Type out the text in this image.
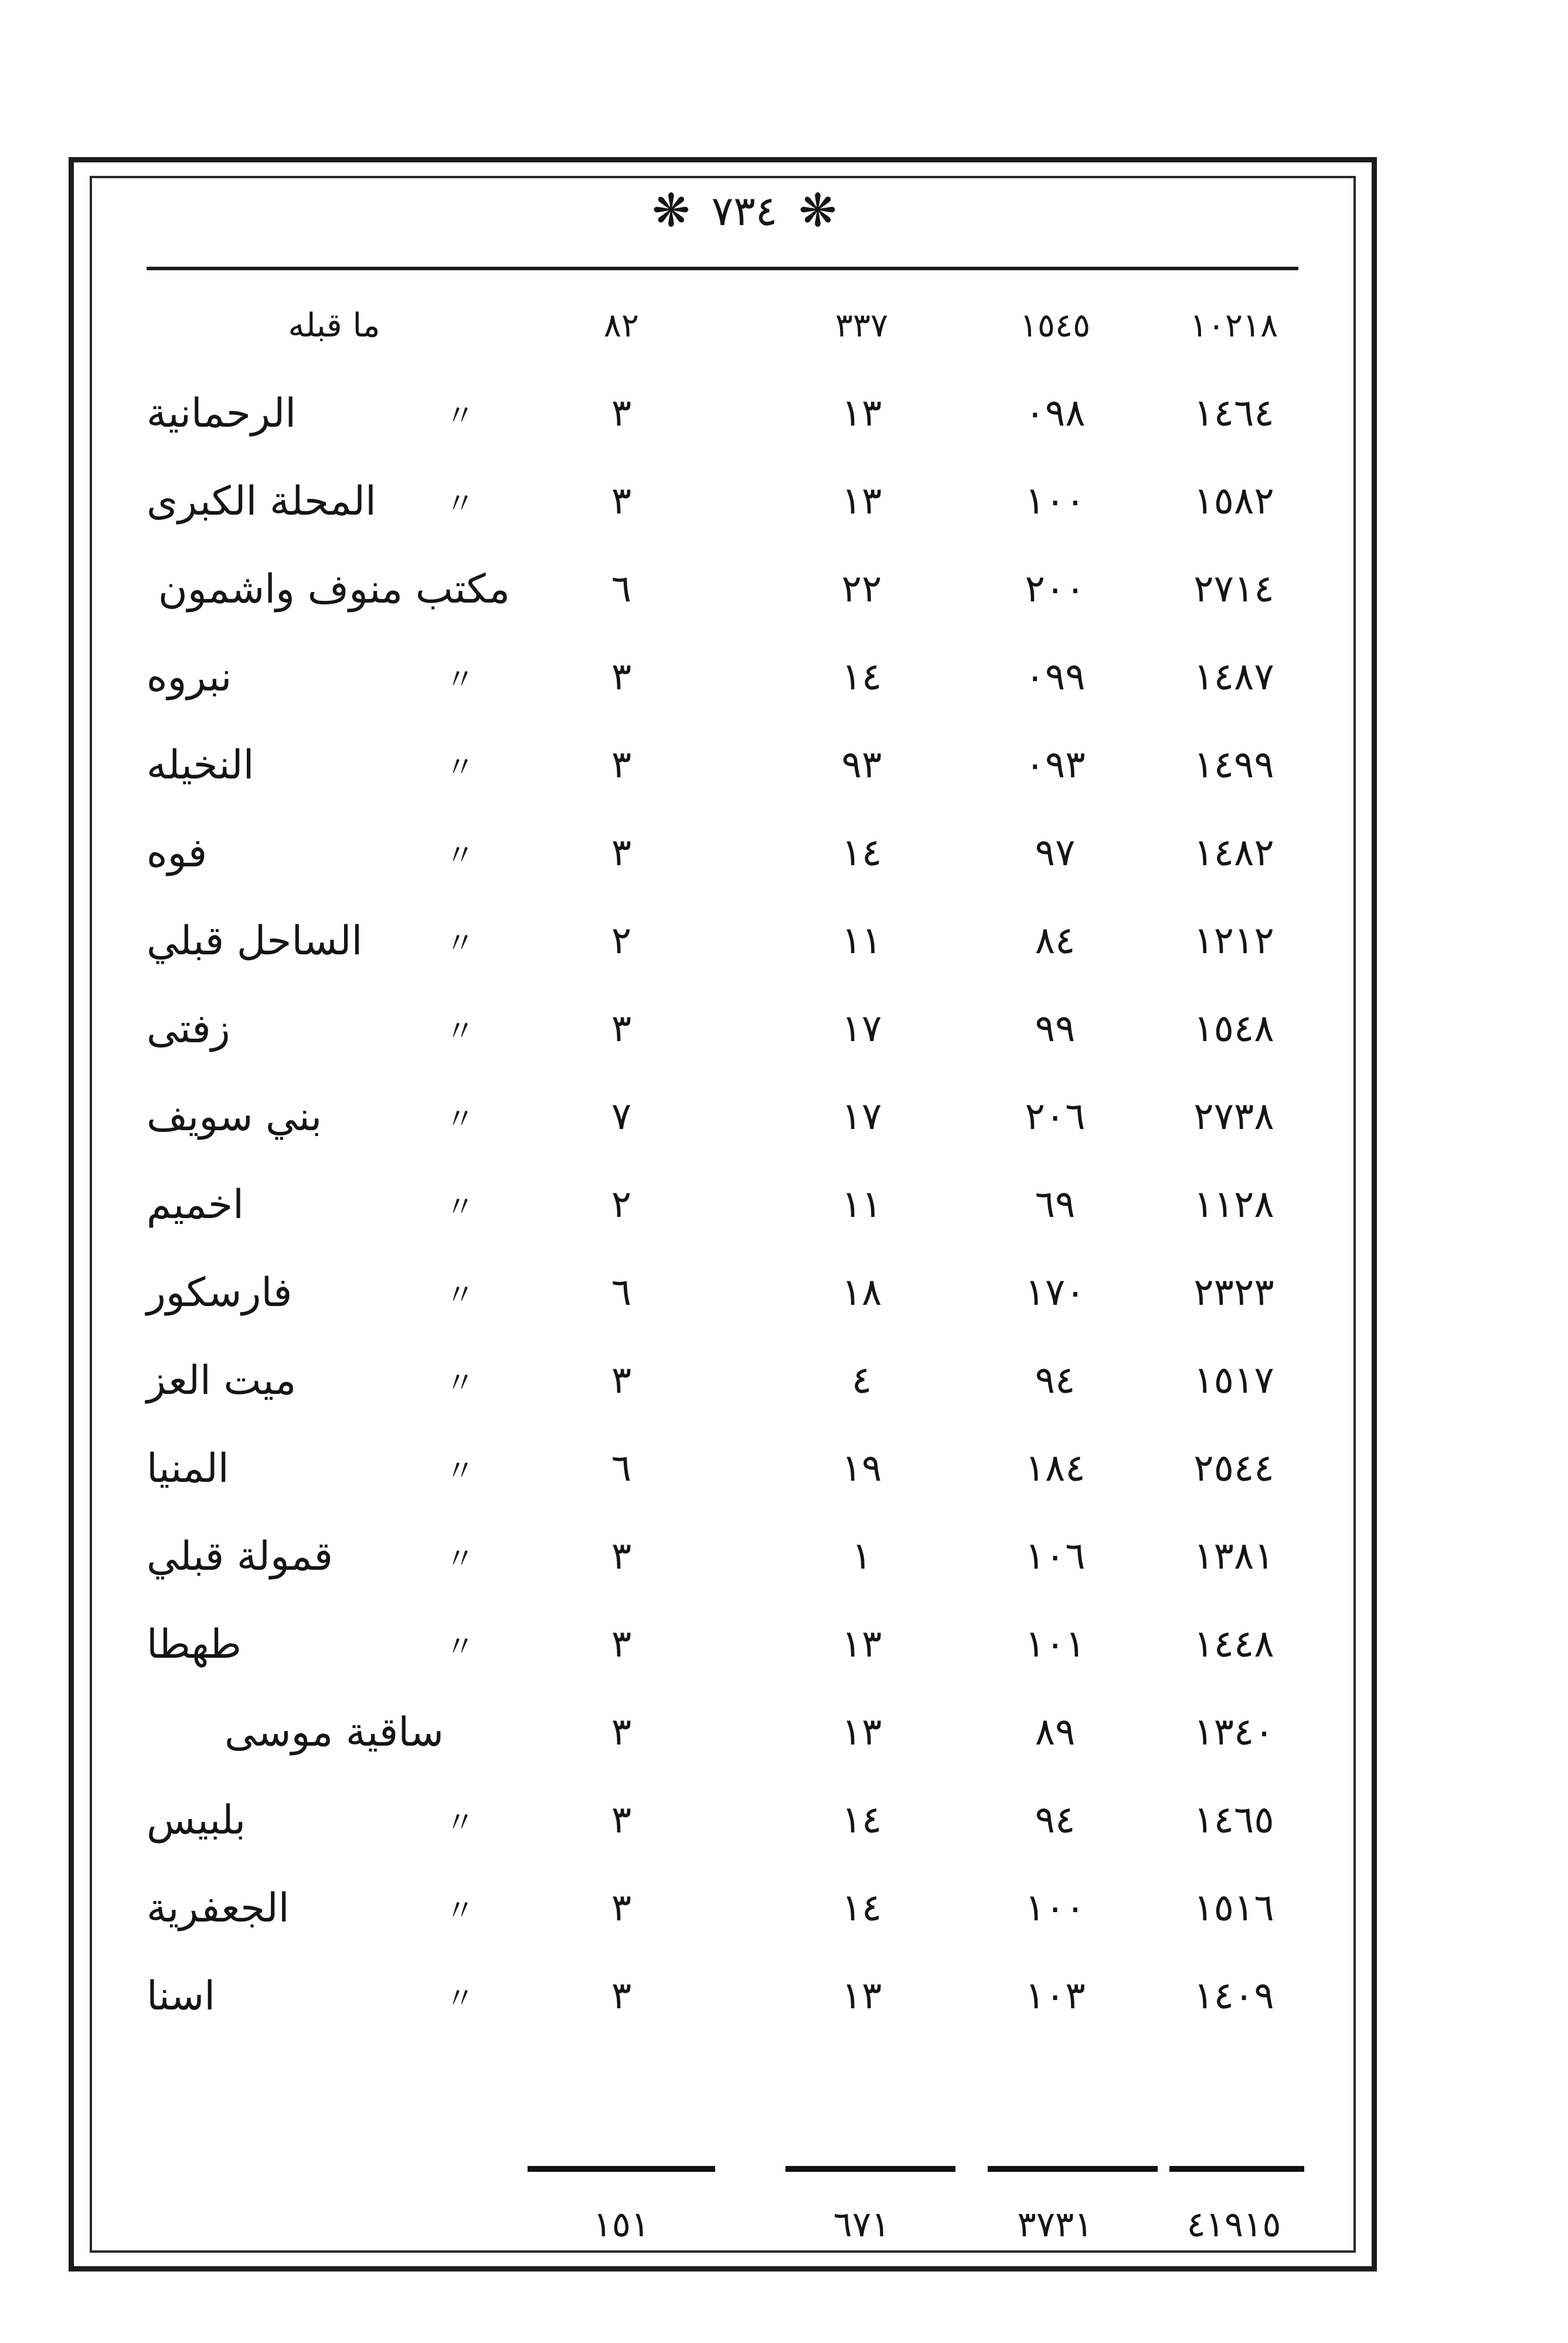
❋ ٧٣٤ ❋
١٠٢١٨
١٥٤٥
٣٣٧
٨٢
ما قبله
١٤٦٤
٠٩٨
١٣
٣
〃
الرحمانية
١٥٨٢
١٠٠
١٣
٣
〃
المحلة الكبرى
٢٧١٤
٢٠٠
٢٢
٦
مكتب منوف واشمون
١٤٨٧
٠٩٩
١٤
٣
〃
نبروه
١٤٩٩
٠٩٣
٩٣
٣
〃
النخيله
١٤٨٢
٩٧
١٤
٣
〃
فوه
١٢١٢
٨٤
١١
٢
〃
الساحل قبلي
١٥٤٨
٩٩
١٧
٣
〃
زفتى
٢٧٣٨
٢٠٦
١٧
٧
〃
بني سويف
١١٢٨
٦٩
١١
٢
〃
اخميم
٢٣٢٣
١٧٠
١٨
٦
〃
فارسكور
١٥١٧
٩٤
٤
٣
〃
ميت العز
٢٥٤٤
١٨٤
١٩
٦
〃
المنيا
١٣٨١
١٠٦
١
٣
〃
قمولة قبلي
١٤٤٨
١٠١
١٣
٣
〃
طهطا
١٣٤٠
٨٩
١٣
٣
ساقية موسى
١٤٦٥
٩٤
١٤
٣
〃
بلبيس
١٥١٦
١٠٠
١٤
٣
〃
الجعفرية
١٤٠٩
١٠٣
١٣
٣
〃
اسنا
٤١٩١٥
٣٧٣١
٦٧١
١٥١
